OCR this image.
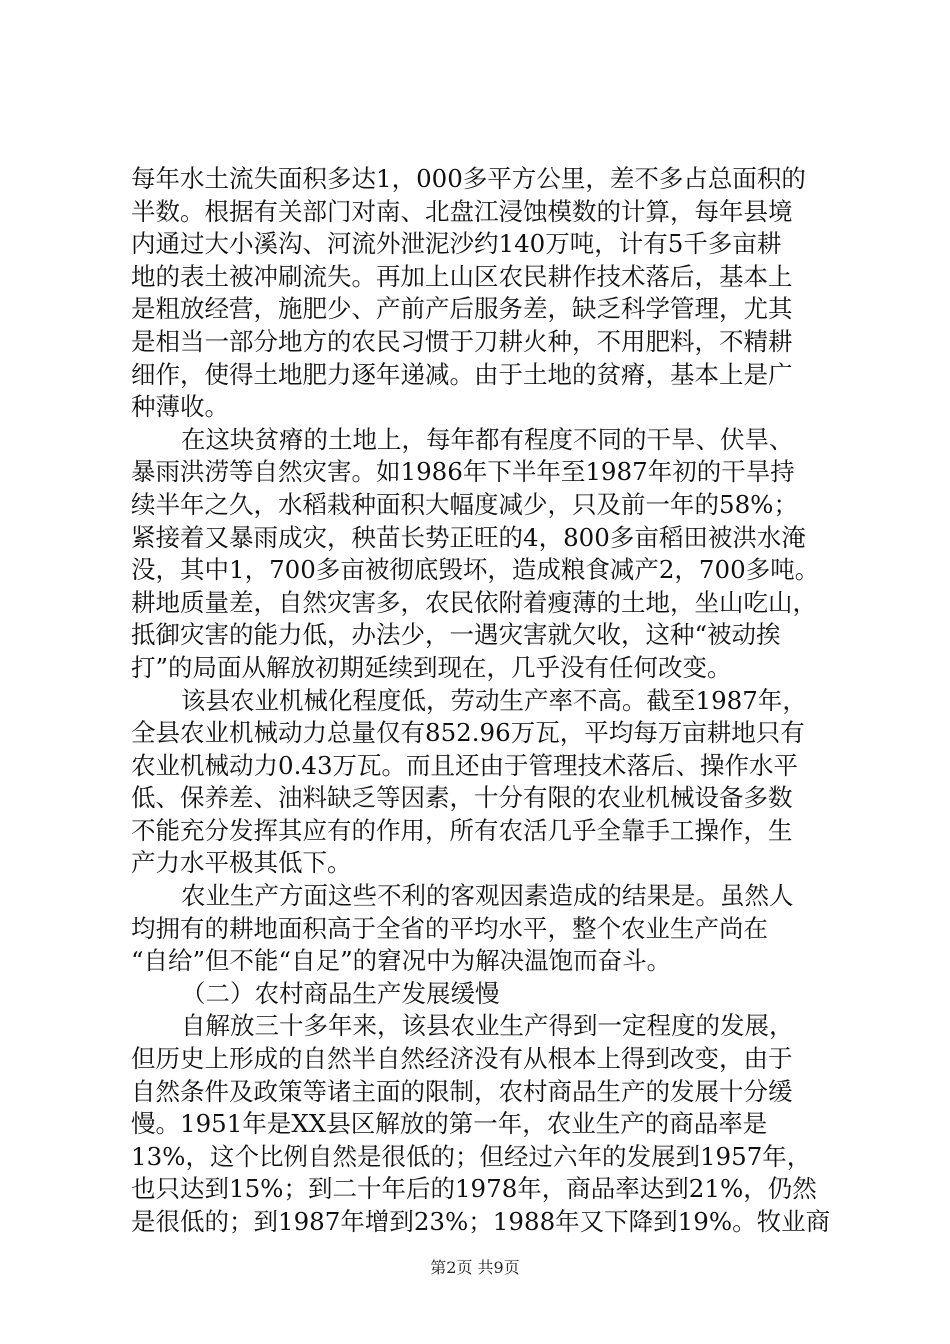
每年水土流失面积多达1，000多平方公里，差不多占总面积的
半数。根据有关部门对南、北盘江浸蚀模数的计算，每年县境
内通过大小溪沟、河流外泄泥沙约140万吨，计有5千多亩耕
地的表土被冲刷流失。再加上山区农民耕作技术落后，基本上
是粗放经营，施肥少、产前产后服务差，缺乏科学管理，尤其
是相当一部分地方的农民习惯于刀耕火种，不用肥料，不精耕
细作，使得土地肥力逐年递减。由于土地的贫瘠，基本上是广
种薄收。
在这块贫瘠的土地上，每年都有程度不同的干旱、伏旱、
暴雨洪涝等自然灾害。如1986年下半年至1987年初的干旱持
续半年之久，水稻栽种面积大幅度减少，只及前一年的58%；
紧接着又暴雨成灾，秧苗长势正旺的4，800多亩稻田被洪水淹
没，其中1，700多亩被彻底毁坏，造成粮食减产2，700多吨。
耕地质量差，自然灾害多，农民依附着瘦薄的土地，坐山吃山，
抵御灾害的能力低，办法少，一遇灾害就欠收，这种“被动挨
打”的局面从解放初期延续到现在，几乎没有任何改变。
该县农业机械化程度低，劳动生产率不高。截至1987年，
全县农业机械动力总量仅有852.96万瓦，平均每万亩耕地只有
农业机械动力0.43万瓦。而且还由于管理技术落后、操作水平
低、保养差、油料缺乏等因素，十分有限的农业机械设备多数
不能充分发挥其应有的作用，所有农活几乎全靠手工操作，生
产力水平极其低下。
农业生产方面这些不利的客观因素造成的结果是。虽然人
均拥有的耕地面积高于全省的平均水平，整个农业生产尚在
“自给”但不能“自足”的窘况中为解决温饱而奋斗。
（二）农村商品生产发展缓慢
自解放三十多年来，该县农业生产得到一定程度的发展，
但历史上形成的自然半自然经济没有从根本上得到改变，由于
自然条件及政策等诸主面的限制，农村商品生产的发展十分缓
慢。1951年是XX县区解放的第一年，农业生产的商品率是
13%，这个比例自然是很低的；但经过六年的发展到1957年，
也只达到15%；到二十年后的1978年，商品率达到21%，仍然
是很低的；到1987年增到23%；1988年又下降到19%。牧业商
第2页 共9页
